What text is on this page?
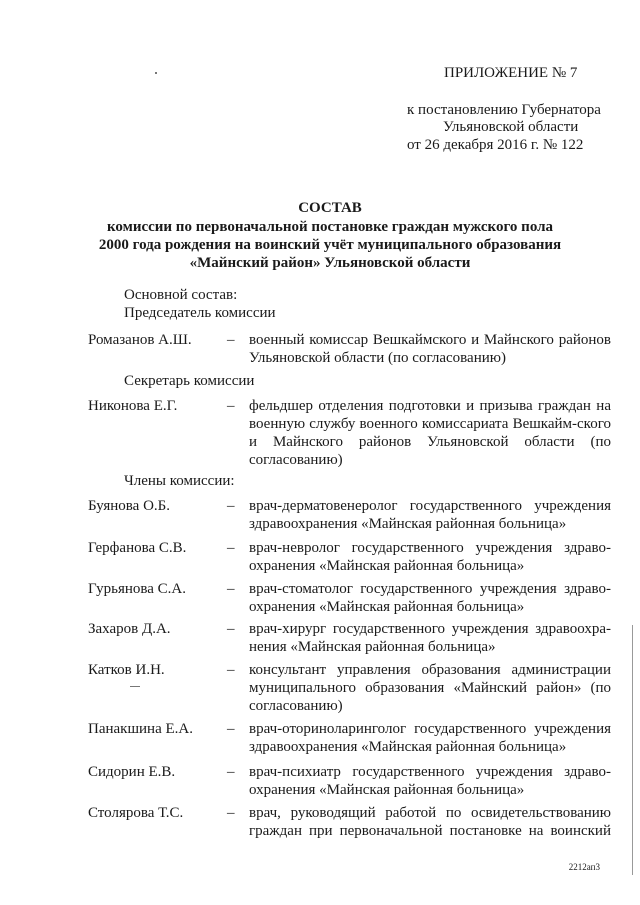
ПРИЛОЖЕНИЕ № 7
к постановлению Губернатора
Ульяновской области
от 26 декабря 2016 г. № 122
СОСТАВ
комиссии по первоначальной постановке граждан мужского пола
2000 года рождения на воинский учёт муниципального образования
«Майнский район» Ульяновской области
Основной состав:
Председатель комиссии
Ромазанов А.Ш. – военный комиссар Вешкаймского и Майнского районов Ульяновской области (по согласованию)
Секретарь комиссии
Никонова Е.Г.	– фельдшер отделения подготовки и призыва граждан на военную службу военного комиссариата Вешкайм-ского и Майнского районов Ульяновской области (по согласованию)
Члены комиссии:
Буянова О.Б.	– врач-дерматовенеролог государственного учреждения здравоохранения «Майнская районная больница»
Герфанова С.В.	– врач-невролог государственного учреждения здраво-охранения «Майнская районная больница»
Гурьянова С.А.	– врач-стоматолог государственного учреждения здраво-охранения «Майнская районная больница»
Захаров Д.А.	– врач-хирург государственного учреждения здравоохра-нения «Майнская районная больница»
Катков И.Н.	– консультант управления образования администрации муниципального образования «Майнский район» (по согласованию)
Панакшина Е.А. – врач-оториноларинголог государственного учреждения здравоохранения «Майнская районная больница»
Сидорин Е.В.	– врач-психиатр государственного учреждения здраво-охранения «Майнская районная больница»
Столярова Т.С.	– врач, руководящий работой по освидетельствованию граждан при первоначальной постановке на воинский
2212ап3
